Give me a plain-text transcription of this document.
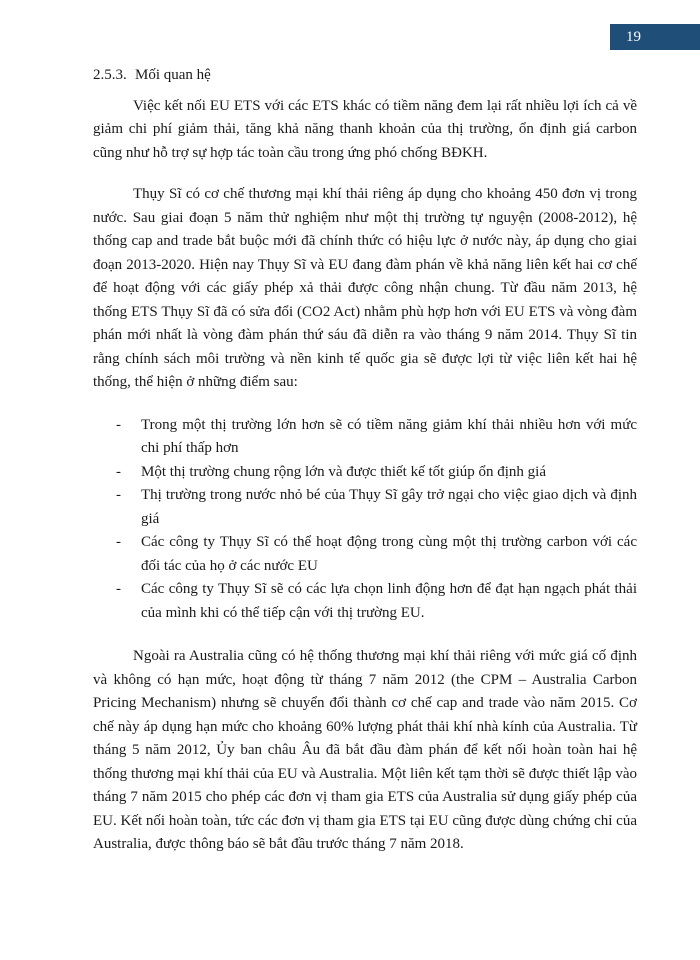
19
2.5.3. Mối quan hệ

Việc kết nối EU ETS với các ETS khác có tiềm năng đem lại rất nhiều lợi ích cả về giảm chi phí giảm thải, tăng khả năng thanh khoản của thị trường, ổn định giá carbon cũng như hỗ trợ sự hợp tác toàn cầu trong ứng phó chống BĐKH.

Thụy Sĩ có cơ chế thương mại khí thải riêng áp dụng cho khoảng 450 đơn vị trong nước. Sau giai đoạn 5 năm thử nghiệm như một thị trường tự nguyện (2008-2012), hệ thống cap and trade bắt buộc mới đã chính thức có hiệu lực ở nước này, áp dụng cho giai đoạn 2013-2020. Hiện nay Thụy Sĩ và EU đang đàm phán về khả năng liên kết hai cơ chế để hoạt động với các giấy phép xả thải được công nhận chung. Từ đầu năm 2013, hệ thống ETS Thụy Sĩ đã có sửa đổi (CO2 Act) nhằm phù hợp hơn với EU ETS và vòng đàm phán mới nhất là vòng đàm phán thứ sáu đã diễn ra vào tháng 9 năm 2014. Thụy Sĩ tin rằng chính sách môi trường và nền kinh tế quốc gia sẽ được lợi từ việc liên kết hai hệ thống, thể hiện ở những điểm sau:

- Trong một thị trường lớn hơn sẽ có tiềm năng giảm khí thải nhiều hơn với mức chi phí thấp hơn
- Một thị trường chung rộng lớn và được thiết kế tốt giúp ổn định giá
- Thị trường trong nước nhỏ bé của Thụy Sĩ gây trở ngại cho việc giao dịch và định giá
- Các công ty Thụy Sĩ có thể hoạt động trong cùng một thị trường carbon với các đối tác của họ ở các nước EU
- Các công ty Thụy Sĩ sẽ có các lựa chọn linh động hơn để đạt hạn ngạch phát thải của mình khi có thể tiếp cận với thị trường EU.

Ngoài ra Australia cũng có hệ thống thương mại khí thải riêng với mức giá cố định và không có hạn mức, hoạt động từ tháng 7 năm 2012 (the CPM – Australia Carbon Pricing Mechanism) nhưng sẽ chuyển đổi thành cơ chế cap and trade vào năm 2015. Cơ chế này áp dụng hạn mức cho khoảng 60% lượng phát thải khí nhà kính của Australia. Từ tháng 5 năm 2012, Ủy ban châu Âu đã bắt đầu đàm phán để kết nối hoàn toàn hai hệ thống thương mại khí thải của EU và Australia. Một liên kết tạm thời sẽ được thiết lập vào tháng 7 năm 2015 cho phép các đơn vị tham gia ETS của Australia sử dụng giấy phép của EU. Kết nối hoàn toàn, tức các đơn vị tham gia ETS tại EU cũng được dùng chứng chỉ của Australia, được thông báo sẽ bắt đầu trước tháng 7 năm 2018.
